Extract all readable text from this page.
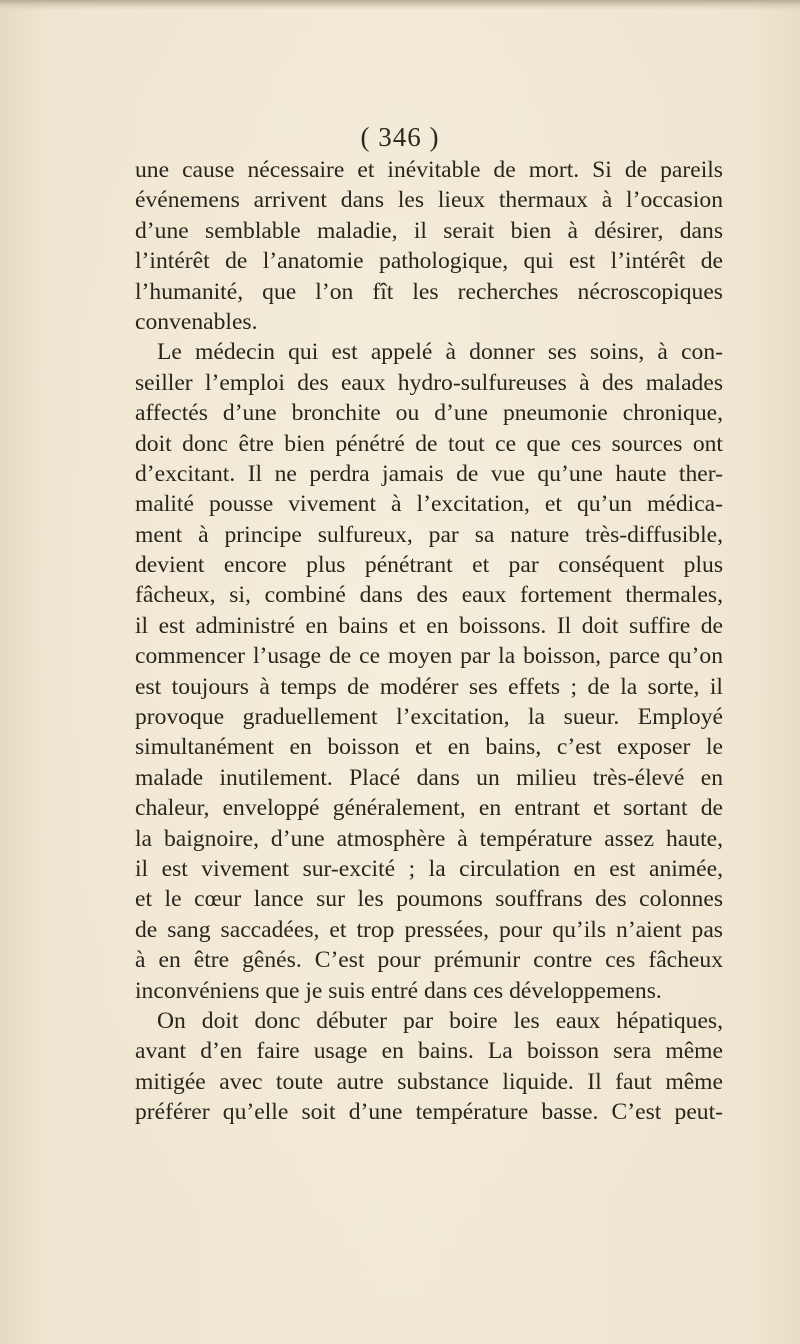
( 346 )
une cause nécessaire et inévitable de mort. Si de pareils
événemens arrivent dans les lieux thermaux à l’occasion
d’une semblable maladie, il serait bien à désirer, dans
l’intérêt de l’anatomie pathologique, qui est l’intérêt de
l’humanité, que l’on fît les recherches nécroscopiques
convenables.
Le médecin qui est appelé à donner ses soins, à con-
seiller l’emploi des eaux hydro-sulfureuses à des malades
affectés d’une bronchite ou d’une pneumonie chronique,
doit donc être bien pénétré de tout ce que ces sources ont
d’excitant. Il ne perdra jamais de vue qu’une haute ther-
malité pousse vivement à l’excitation, et qu’un médica-
ment à principe sulfureux, par sa nature très-diffusible,
devient encore plus pénétrant et par conséquent plus
fâcheux, si, combiné dans des eaux fortement thermales,
il est administré en bains et en boissons. Il doit suffire de
commencer l’usage de ce moyen par la boisson, parce qu’on
est toujours à temps de modérer ses effets ; de la sorte, il
provoque graduellement l’excitation, la sueur. Employé
simultanément en boisson et en bains, c’est exposer le
malade inutilement. Placé dans un milieu très-élevé en
chaleur, enveloppé généralement, en entrant et sortant de
la baignoire, d’une atmosphère à température assez haute,
il est vivement sur-excité ; la circulation en est animée,
et le cœur lance sur les poumons souffrans des colonnes
de sang saccadées, et trop pressées, pour qu’ils n’aient pas
à en être gênés. C’est pour prémunir contre ces fâcheux
inconvéniens que je suis entré dans ces développemens.
On doit donc débuter par boire les eaux hépatiques,
avant d’en faire usage en bains. La boisson sera même
mitigée avec toute autre substance liquide. Il faut même
préférer qu’elle soit d’une température basse. C’est peut-
